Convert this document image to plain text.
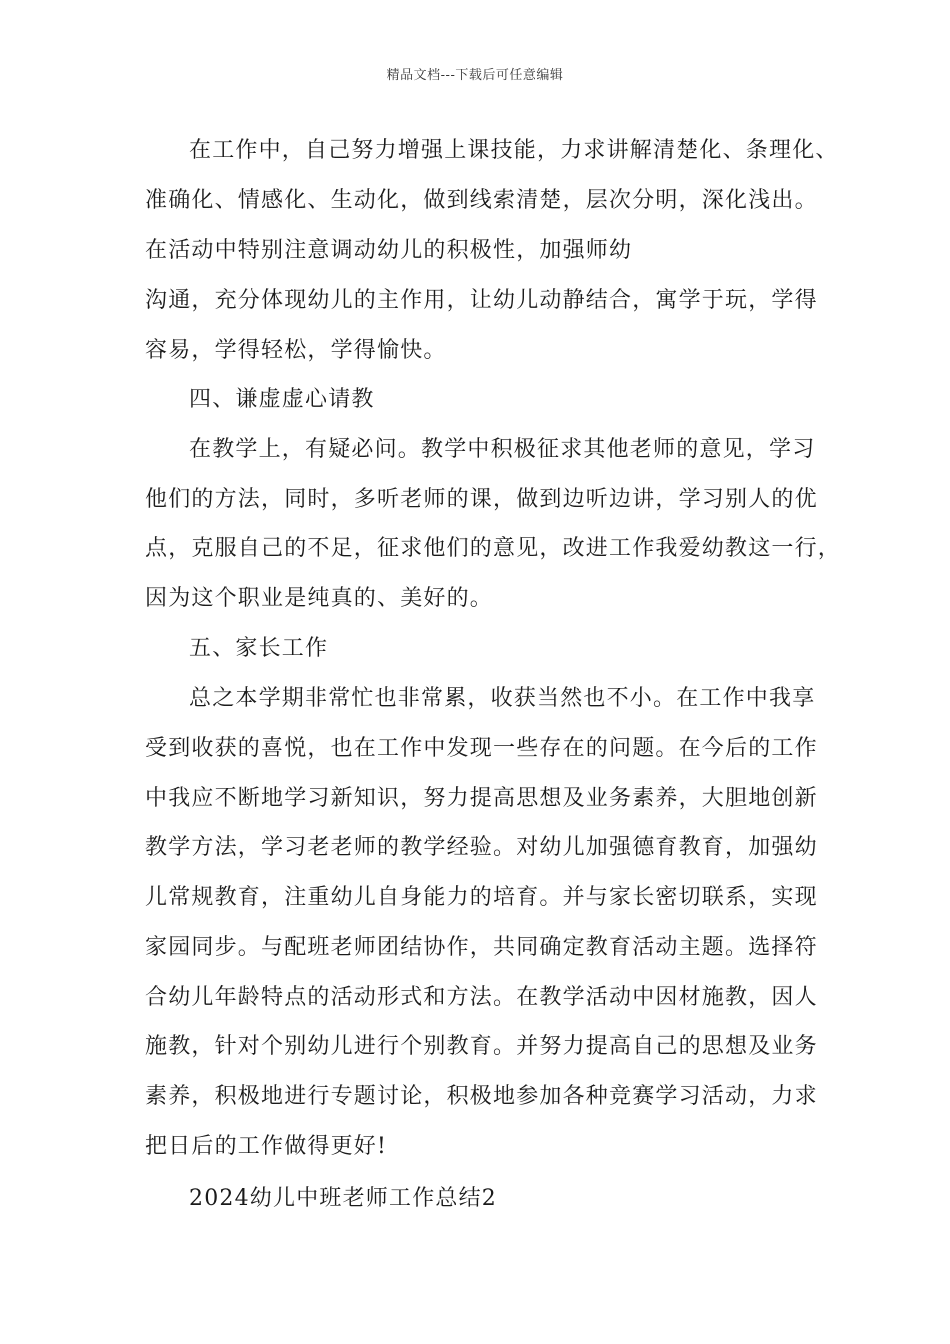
精品文档---下载后可任意编辑
在工作中，自己努力增强上课技能，力求讲解清楚化、条理化、
准确化、情感化、生动化，做到线索清楚，层次分明，深化浅出。
在活动中特别注意调动幼儿的积极性，加强师幼
沟通，充分体现幼儿的主作用，让幼儿动静结合，寓学于玩，学得
容易，学得轻松，学得愉快。
四、谦虚虚心请教
在教学上，有疑必问。教学中积极征求其他老师的意见，学习
他们的方法，同时，多听老师的课，做到边听边讲，学习别人的优
点，克服自己的不足，征求他们的意见，改进工作我爱幼教这一行，
因为这个职业是纯真的、美好的。
五、家长工作
总之本学期非常忙也非常累，收获当然也不小。在工作中我享
受到收获的喜悦，也在工作中发现一些存在的问题。在今后的工作
中我应不断地学习新知识，努力提高思想及业务素养，大胆地创新
教学方法，学习老老师的教学经验。对幼儿加强德育教育，加强幼
儿常规教育，注重幼儿自身能力的培育。并与家长密切联系，实现
家园同步。与配班老师团结协作，共同确定教育活动主题。选择符
合幼儿年龄特点的活动形式和方法。在教学活动中因材施教，因人
施教，针对个别幼儿进行个别教育。并努力提高自己的思想及业务
素养，积极地进行专题讨论，积极地参加各种竞赛学习活动，力求
把日后的工作做得更好!
2024幼儿中班老师工作总结2
